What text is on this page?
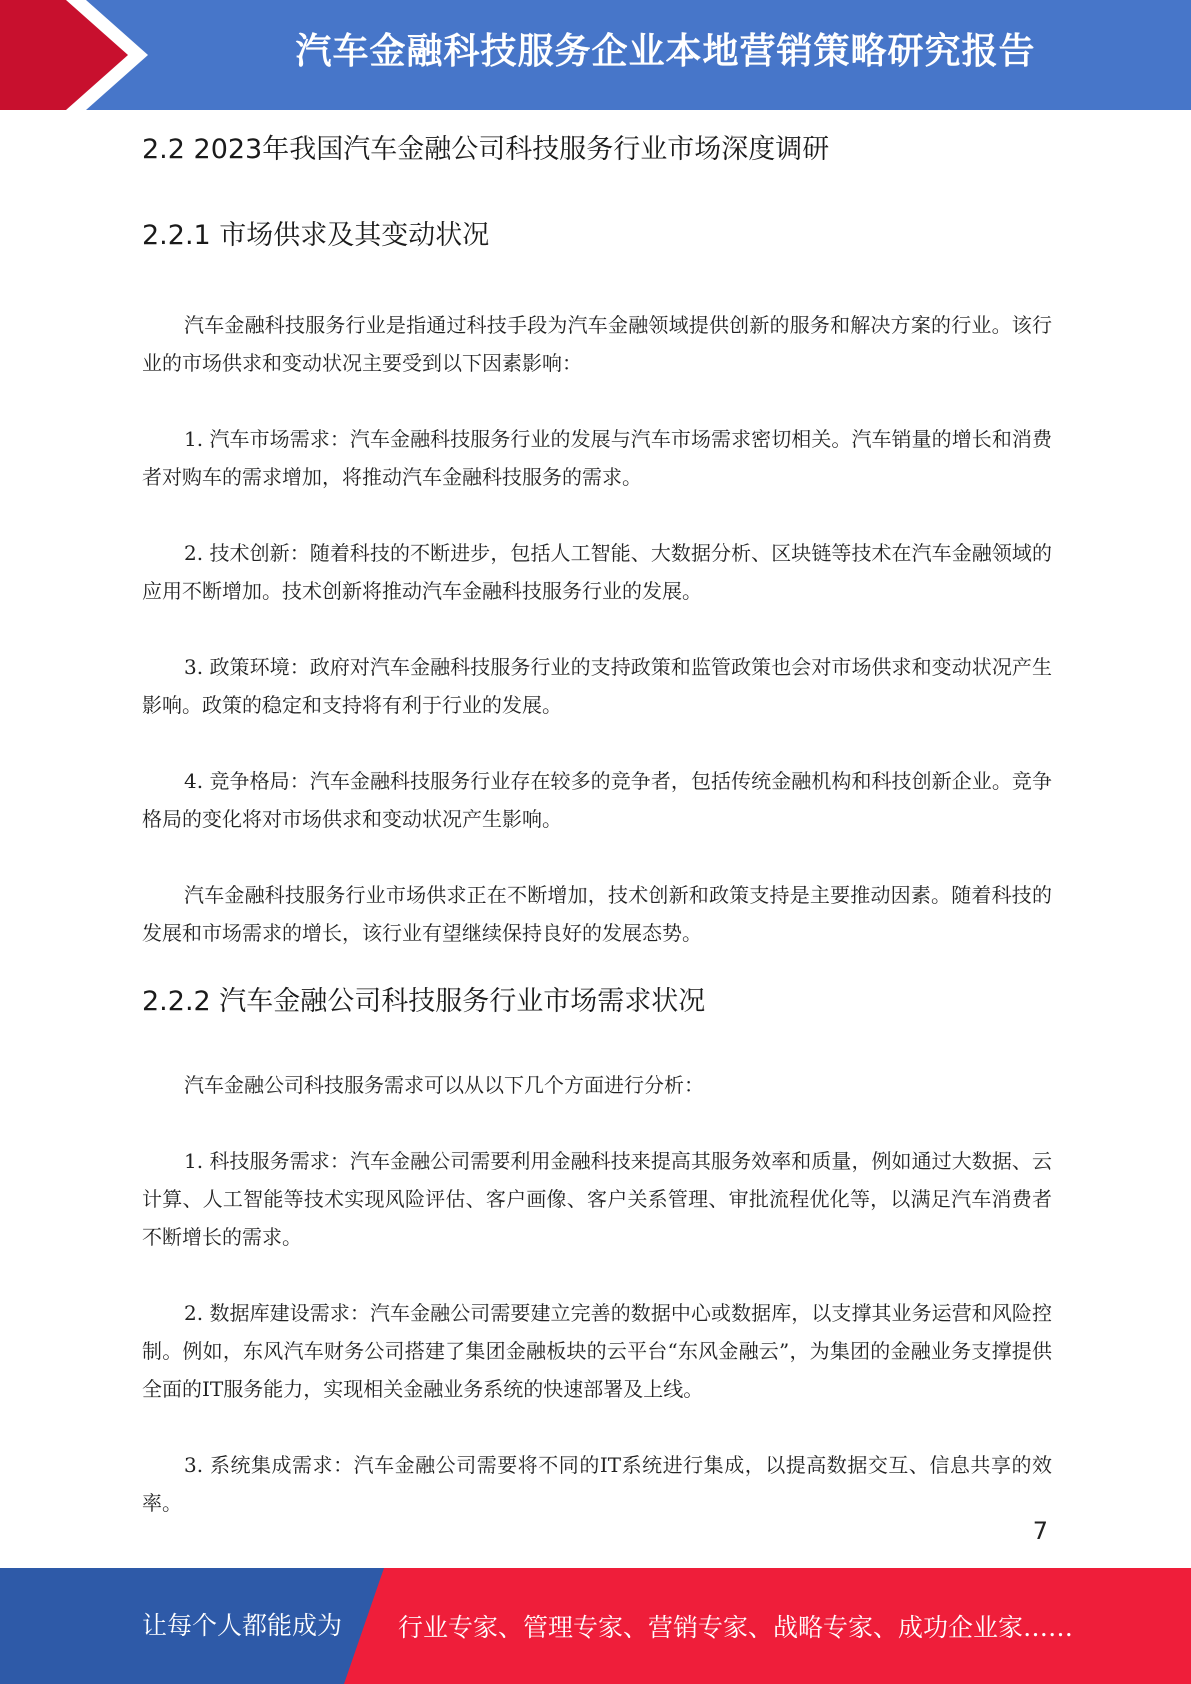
汽车金融科技服务企业本地营销策略研究报告
2.2 2023年我国汽车金融公司科技服务行业市场深度调研
2.2.1 市场供求及其变动状况

汽车金融科技服务行业是指通过科技手段为汽车金融领域提供创新的服务和解决方案的行业。该行业的市场供求和变动状况主要受到以下因素影响：

1. 汽车市场需求：汽车金融科技服务行业的发展与汽车市场需求密切相关。汽车销量的增长和消费者对购车的需求增加，将推动汽车金融科技服务的需求。

2. 技术创新：随着科技的不断进步，包括人工智能、大数据分析、区块链等技术在汽车金融领域的应用不断增加。技术创新将推动汽车金融科技服务行业的发展。

3. 政策环境：政府对汽车金融科技服务行业的支持政策和监管政策也会对市场供求和变动状况产生影响。政策的稳定和支持将有利于行业的发展。

4. 竞争格局：汽车金融科技服务行业存在较多的竞争者，包括传统金融机构和科技创新企业。竞争格局的变化将对市场供求和变动状况产生影响。

汽车金融科技服务行业市场供求正在不断增加，技术创新和政策支持是主要推动因素。随着科技的发展和市场需求的增长，该行业有望继续保持良好的发展态势。

2.2.2 汽车金融公司科技服务行业市场需求状况

汽车金融公司科技服务需求可以从以下几个方面进行分析：

1. 科技服务需求：汽车金融公司需要利用金融科技来提高其服务效率和质量，例如通过大数据、云计算、人工智能等技术实现风险评估、客户画像、客户关系管理、审批流程优化等，以满足汽车消费者不断增长的需求。

2. 数据库建设需求：汽车金融公司需要建立完善的数据中心或数据库，以支撑其业务运营和风险控制。例如，东风汽车财务公司搭建了集团金融板块的云平台“东风金融云”，为集团的金融业务支撑提供全面的IT服务能力，实现相关金融业务系统的快速部署及上线。

3. 系统集成需求：汽车金融公司需要将不同的IT系统进行集成，以提高数据交互、信息共享的效率。

7
让每个人都能成为 行业专家、管理专家、营销专家、战略专家、成功企业家……
